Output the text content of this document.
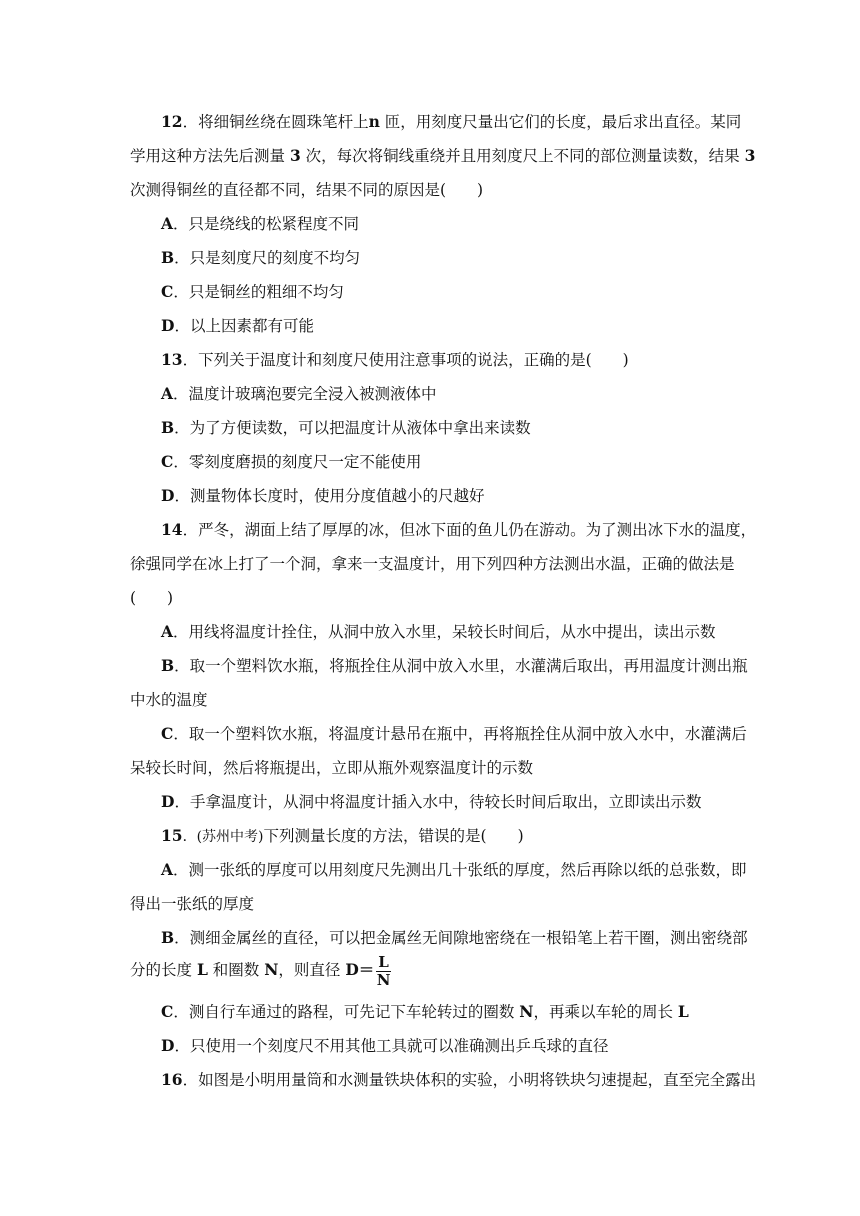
12．将细铜丝绕在圆珠笔杆上n 匝，用刻度尺量出它们的长度，最后求出直径。某同
学用这种方法先后测量 3 次，每次将铜线重绕并且用刻度尺上不同的部位测量读数，结果 3
次测得铜丝的直径都不同，结果不同的原因是(　　)
A．只是绕线的松紧程度不同
B．只是刻度尺的刻度不均匀
C．只是铜丝的粗细不均匀
D．以上因素都有可能
13．下列关于温度计和刻度尺使用注意事项的说法，正确的是(　　)
A．温度计玻璃泡要完全浸入被测液体中
B．为了方便读数，可以把温度计从液体中拿出来读数
C．零刻度磨损的刻度尺一定不能使用
D．测量物体长度时，使用分度值越小的尺越好
14．严冬，湖面上结了厚厚的冰，但冰下面的鱼儿仍在游动。为了测出冰下水的温度，
徐强同学在冰上打了一个洞，拿来一支温度计，用下列四种方法测出水温，正确的做法是
(　　)
A．用线将温度计拴住，从洞中放入水里，呆较长时间后，从水中提出，读出示数
B．取一个塑料饮水瓶，将瓶拴住从洞中放入水里，水灌满后取出，再用温度计测出瓶
中水的温度
C．取一个塑料饮水瓶，将温度计悬吊在瓶中，再将瓶拴住从洞中放入水中，水灌满后
呆较长时间，然后将瓶提出，立即从瓶外观察温度计的示数
D．手拿温度计，从洞中将温度计插入水中，待较长时间后取出，立即读出示数
15．(苏州中考)下列测量长度的方法，错误的是(　　)
A．测一张纸的厚度可以用刻度尺先测出几十张纸的厚度，然后再除以纸的总张数，即
得出一张纸的厚度
B．测细金属丝的直径，可以把金属丝无间隙地密绕在一根铅笔上若干圈，测出密绕部
分的长度 L 和圈数 N，则直径 $D= \frac{L}{N}$
C．测自行车通过的路程，可先记下车轮转过的圈数 N，再乘以车轮的周长 L
D．只使用一个刻度尺不用其他工具就可以准确测出乒乓球的直径
16．如图是小明用量筒和水测量铁块体积的实验，小明将铁块匀速提起，直至完全露出
